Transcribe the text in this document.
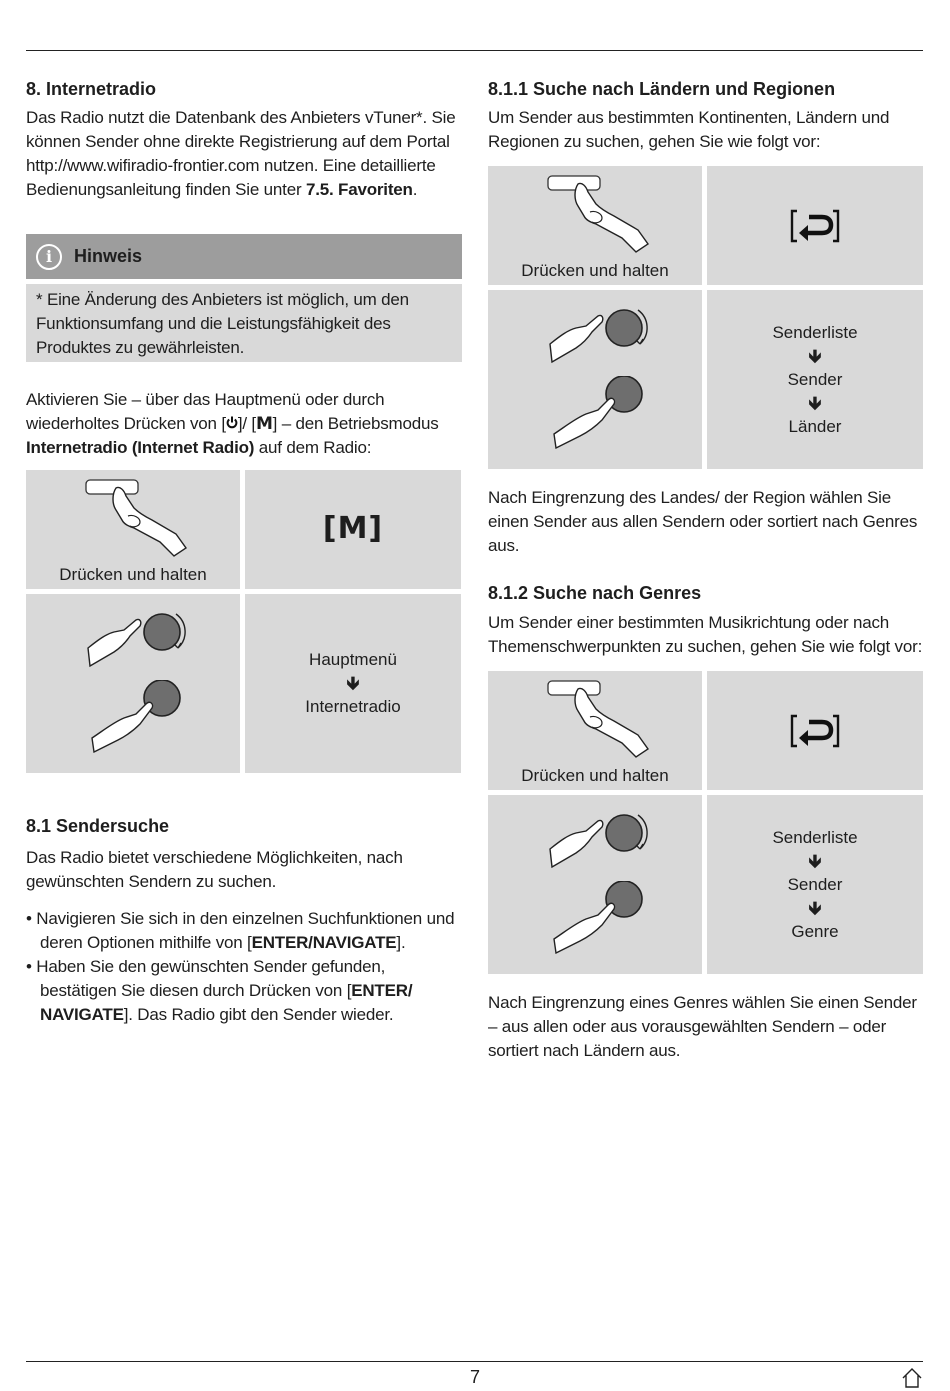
8. Internetradio

Das Radio nutzt die Datenbank des Anbieters vTuner*. Sie können Sender ohne direkte Registrierung auf dem Portal http://www.wifiradio-frontier.com nutzen. Eine detaillierte Bedienungsanleitung finden Sie unter 7.5. Favoriten.

i	Hinweis

* Eine Änderung des Anbieters ist möglich, um den Funktionsumfang und die Leistungsfähigkeit des Produktes zu gewährleisten.

Aktivieren Sie – über das Hauptmenü oder durch wiederholtes Drücken von [ ]/ [M] – den Betriebsmodus Internetradio (Internet Radio) auf dem Radio:

Drücken und halten
[M]
Hauptmenü
🡻
Internetradio
8.1 Sendersuche

Das Radio bietet verschiedene Möglichkeiten, nach gewünschten Sendern zu suchen.

• Navigieren Sie sich in den einzelnen Suchfunktionen und deren Optionen mithilfe von [ENTER/NAVIGATE].
• Haben Sie den gewünschten Sender gefunden, bestätigen Sie diesen durch Drücken von [ENTER/ NAVIGATE]. Das Radio gibt den Sender wieder.
8.1.1 Suche nach Ländern und Regionen

Um Sender aus bestimmten Kontinenten, Ländern und Regionen zu suchen, gehen Sie wie folgt vor:

Drücken und halten
Senderliste
🡻
Sender
🡻
Länder

Nach Eingrenzung des Landes/ der Region wählen Sie einen Sender aus allen Sendern oder sortiert nach Genres aus.

8.1.2 Suche nach Genres

Um Sender einer bestimmten Musikrichtung oder nach Themenschwerpunkten zu suchen, gehen Sie wie folgt vor:

Drücken und halten
Senderliste
🡻
Sender
🡻
Genre

Nach Eingrenzung eines Genres wählen Sie einen Sender – aus allen oder aus vorausgewählten Sendern – oder sortiert nach Ländern aus.

7
